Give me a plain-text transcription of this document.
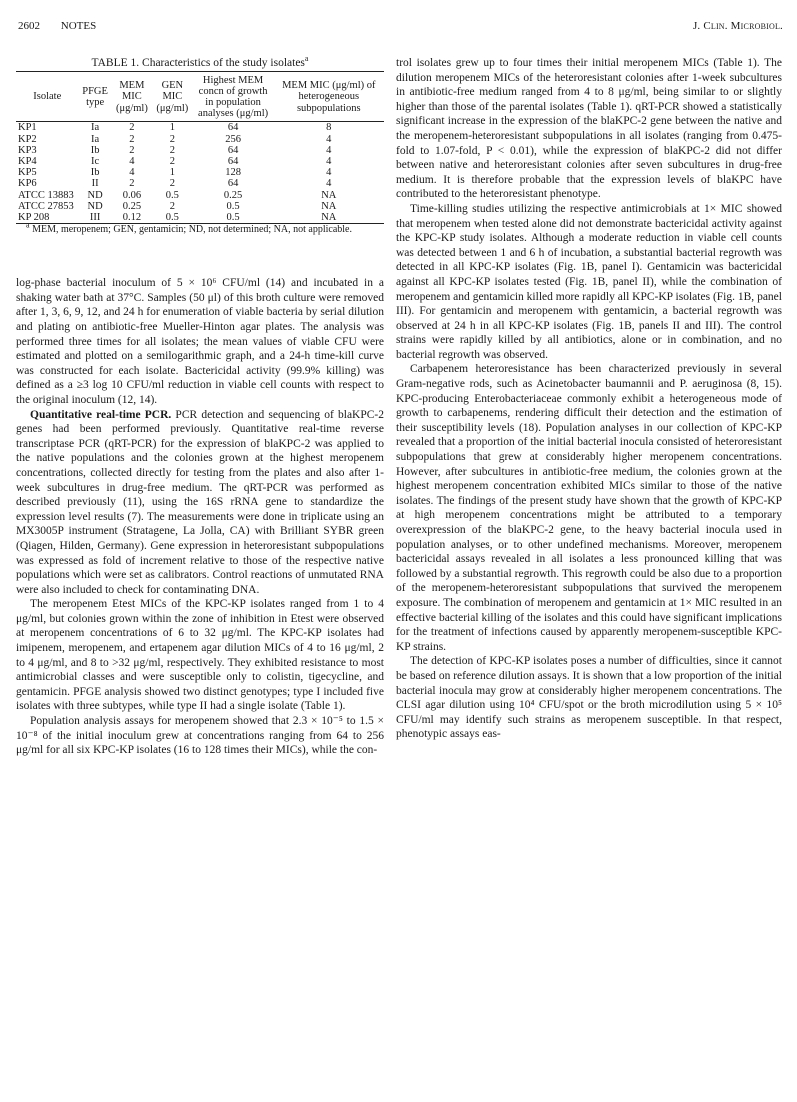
2602 NOTES	J. Clin. Microbiol.

TABLE 1. Characteristics of the study isolates$^a$

Isolate	PFGE type	MEM MIC (μg/ml)	GEN MIC (μg/ml)	Highest MEM concn of growth in population analyses (μg/ml)	MEM MIC (μg/ml) of heterogeneous subpopulations
KP1	Ia	2	1	64	8
KP2	Ia	2	2	256	4
KP3	Ib	2	2	64	4
KP4	Ic	4	2	64	4
KP5	Ib	4	1	128	4
KP6	II	2	2	64	4
ATCC 13883	ND	0.06	0.5	0.25	NA
ATCC 27853	ND	0.25	2	0.5	NA
KP 208	III	0.12	0.5	0.5	NA

$^a$ MEM, meropenem; GEN, gentamicin; ND, not determined; NA, not applicable.

log-phase bacterial inoculum of 5 × 10⁶ CFU/ml (14) and incubated in a shaking water bath at 37°C. Samples (50 μl) of this broth culture were removed after 1, 3, 6, 9, 12, and 24 h for enumeration of viable bacteria by serial dilution and plating on antibiotic-free Mueller-Hinton agar plates. The analysis was performed three times for all isolates; the mean values of viable CFU were estimated and plotted on a semilogarithmic graph, and a 24-h time-kill curve was constructed for each isolate. Bactericidal activity (99.9% killing) was defined as a ≥3 log 10 CFU/ml reduction in viable cell counts with respect to the original inoculum (12, 14).

Quantitative real-time PCR. PCR detection and sequencing of blaKPC-2 genes had been performed previously. Quantitative real-time reverse transcriptase PCR (qRT-PCR) for the expression of blaKPC-2 was applied to the native populations and the colonies grown at the highest meropenem concentrations, collected directly for testing from the plates and also after 1-week subcultures in drug-free medium. The qRT-PCR was performed as described previously (11), using the 16S rRNA gene to standardize the expression level results (7). The measurements were done in triplicate using an MX3005P instrument (Stratagene, La Jolla, CA) with Brilliant SYBR green (Qiagen, Hilden, Germany). Gene expression in heteroresistant subpopulations was expressed as fold of increment relative to those of the respective native populations which were set as calibrators. Control reactions of unmutated RNA were also included to check for contaminating DNA.

The meropenem Etest MICs of the KPC-KP isolates ranged from 1 to 4 μg/ml, but colonies grown within the zone of inhibition in Etest were observed at meropenem concentrations of 6 to 32 μg/ml. The KPC-KP isolates had imipenem, meropenem, and ertapenem agar dilution MICs of 4 to 16 μg/ml, 2 to 4 μg/ml, and 8 to >32 μg/ml, respectively. They exhibited resistance to most antimicrobial classes and were susceptible only to colistin, tigecycline, and gentamicin. PFGE analysis showed two distinct genotypes; type I included five isolates with three subtypes, while type II had a single isolate (Table 1).

Population analysis assays for meropenem showed that 2.3 × 10⁻⁵ to 1.5 × 10⁻⁸ of the initial inoculum grew at concentrations ranging from 64 to 256 μg/ml for all six KPC-KP isolates (16 to 128 times their MICs), while the con-

trol isolates grew up to four times their initial meropenem MICs (Table 1). The dilution meropenem MICs of the heteroresistant colonies after 1-week subcultures in antibiotic-free medium ranged from 4 to 8 μg/ml, being similar to or slightly higher than those of the parental isolates (Table 1). qRT-PCR showed a statistically significant increase in the expression of the blaKPC-2 gene between the native and the meropenem-heteroresistant subpopulations in all isolates (ranging from 0.475-fold to 1.07-fold, P < 0.01), while the expression of blaKPC-2 did not differ between native and heteroresistant colonies after seven subcultures in drug-free medium. It is therefore probable that the expression levels of blaKPC have contributed to the heteroresistant phenotype.

Time-killing studies utilizing the respective antimicrobials at 1× MIC showed that meropenem when tested alone did not demonstrate bactericidal activity against the KPC-KP study isolates. Although a moderate reduction in viable cell counts was detected between 1 and 6 h of incubation, a substantial bacterial regrowth was detected in all KPC-KP isolates (Fig. 1B, panel I). Gentamicin was bactericidal against all KPC-KP isolates tested (Fig. 1B, panel II), while the combination of meropenem and gentamicin killed more rapidly all KPC-KP isolates (Fig. 1B, panel III). For gentamicin and meropenem with gentamicin, a bacterial regrowth was observed at 24 h in all KPC-KP isolates (Fig. 1B, panels II and III). The control strains were rapidly killed by all antibiotics, alone or in combination, and no bacterial regrowth was observed.

Carbapenem heteroresistance has been characterized previously in several Gram-negative rods, such as Acinetobacter baumannii and P. aeruginosa (8, 15). KPC-producing Enterobacteriaceae commonly exhibit a heterogeneous mode of growth to carbapenems, rendering difficult their detection and the estimation of their susceptibility levels (18). Population analyses in our collection of KPC-KP revealed that a proportion of the initial bacterial inocula consisted of heteroresistant subpopulations that grew at considerably higher meropenem concentrations. However, after subcultures in antibiotic-free medium, the colonies grown at the highest meropenem concentration exhibited MICs similar to those of the native isolates. The findings of the present study have shown that the growth of KPC-KP at high meropenem concentrations might be attributed to a temporary overexpression of the blaKPC-2 gene, to the heavy bacterial inocula used in population analyses, or to other undefined mechanisms. Moreover, meropenem bactericidal assays revealed in all isolates a less pronounced killing that was followed by a substantial regrowth. This regrowth could be also due to a proportion of the meropenem-heteroresistant subpopulations that survived the meropenem exposure. The combination of meropenem and gentamicin at 1× MIC resulted in an effective bacterial killing of the isolates and this could have significant implications for the treatment of infections caused by apparently meropenem-susceptible KPC-KP strains.

The detection of KPC-KP isolates poses a number of difficulties, since it cannot be based on reference dilution assays. It is shown that a low proportion of the initial bacterial inocula may grow at considerably higher meropenem concentrations. The CLSI agar dilution using 10⁴ CFU/spot or the broth microdilution using 5 × 10⁵ CFU/ml may identify such strains as meropenem susceptible. In that respect, phenotypic assays eas-
